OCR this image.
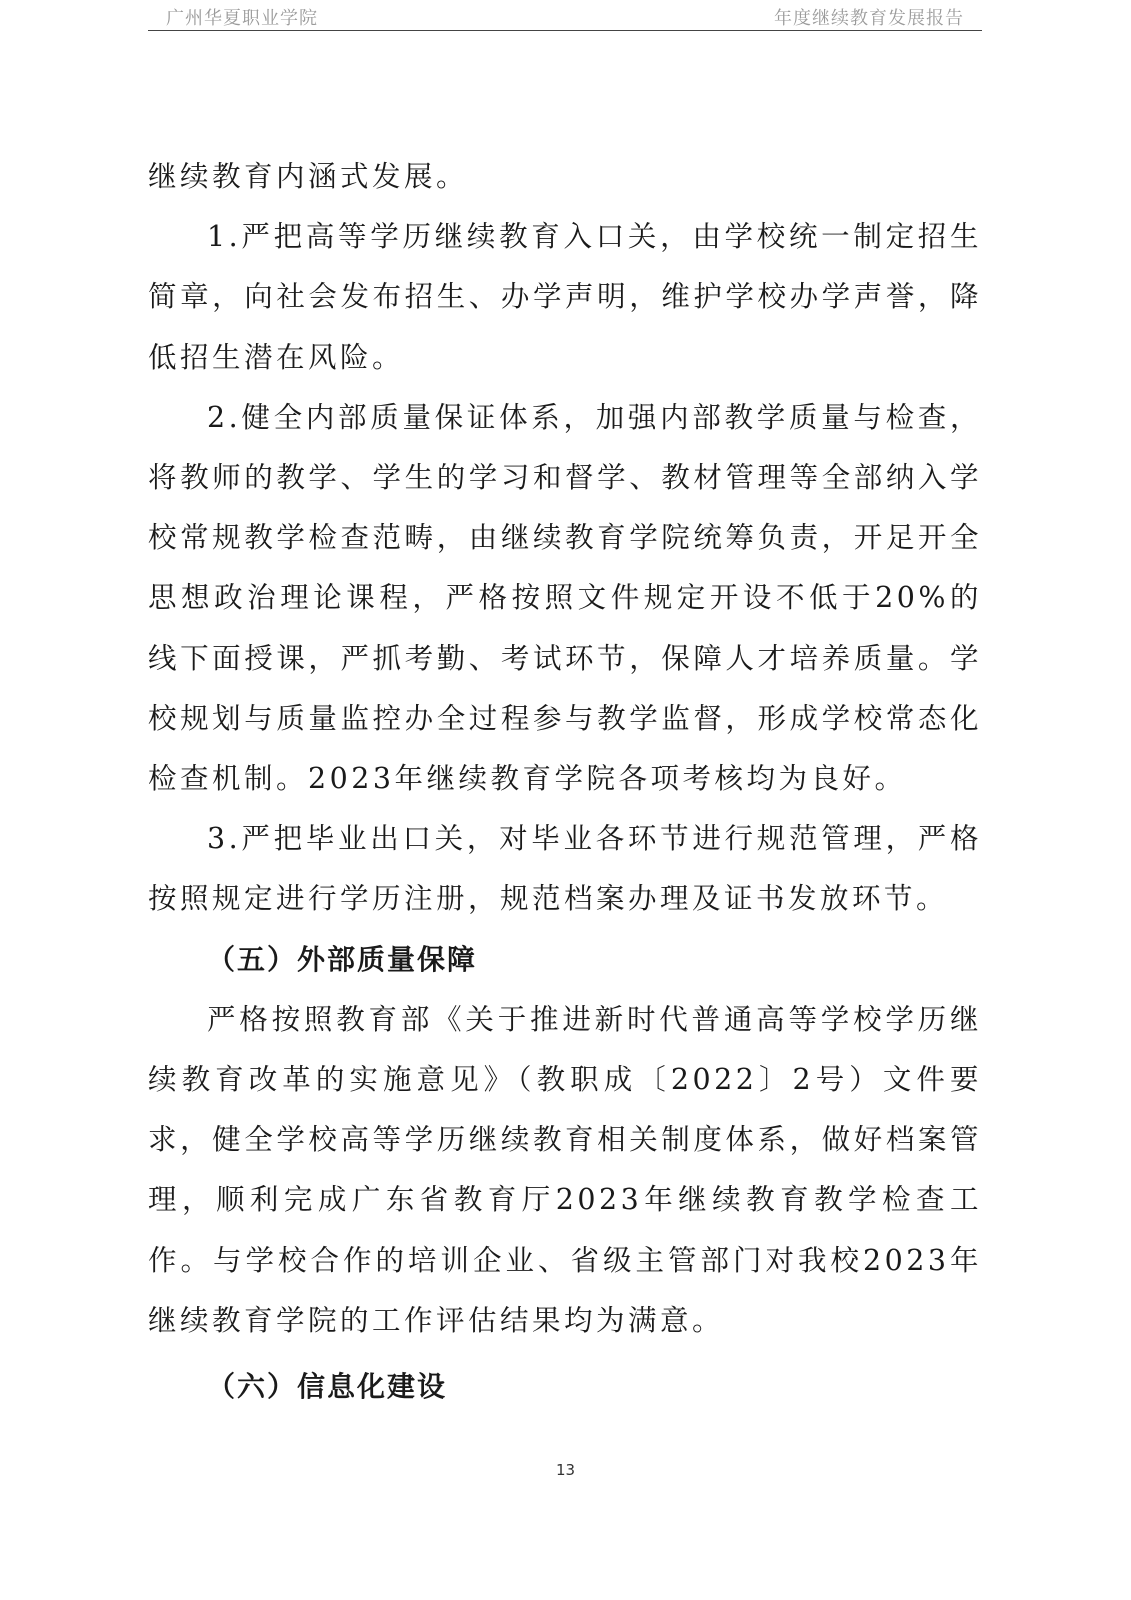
广州华夏职业学院	年度继续教育发展报告

继续教育内涵式发展。

1.严把高等学历继续教育入口关，由学校统一制定招生简章，向社会发布招生、办学声明，维护学校办学声誉，降低招生潜在风险。

2.健全内部质量保证体系，加强内部教学质量与检查，将教师的教学、学生的学习和督学、教材管理等全部纳入学校常规教学检查范畴，由继续教育学院统筹负责，开足开全思想政治理论课程，严格按照文件规定开设不低于20%的线下面授课，严抓考勤、考试环节，保障人才培养质量。学校规划与质量监控办全过程参与教学监督，形成学校常态化检查机制。2023年继续教育学院各项考核均为良好。

3.严把毕业出口关，对毕业各环节进行规范管理，严格按照规定进行学历注册，规范档案办理及证书发放环节。

（五）外部质量保障

严格按照教育部《关于推进新时代普通高等学校学历继续教育改革的实施意见》（教职成〔2022〕2号）文件要求，健全学校高等学历继续教育相关制度体系，做好档案管理，顺利完成广东省教育厅2023年继续教育教学检查工作。与学校合作的培训企业、省级主管部门对我校2023年继续教育学院的工作评估结果均为满意。

（六）信息化建设
13
